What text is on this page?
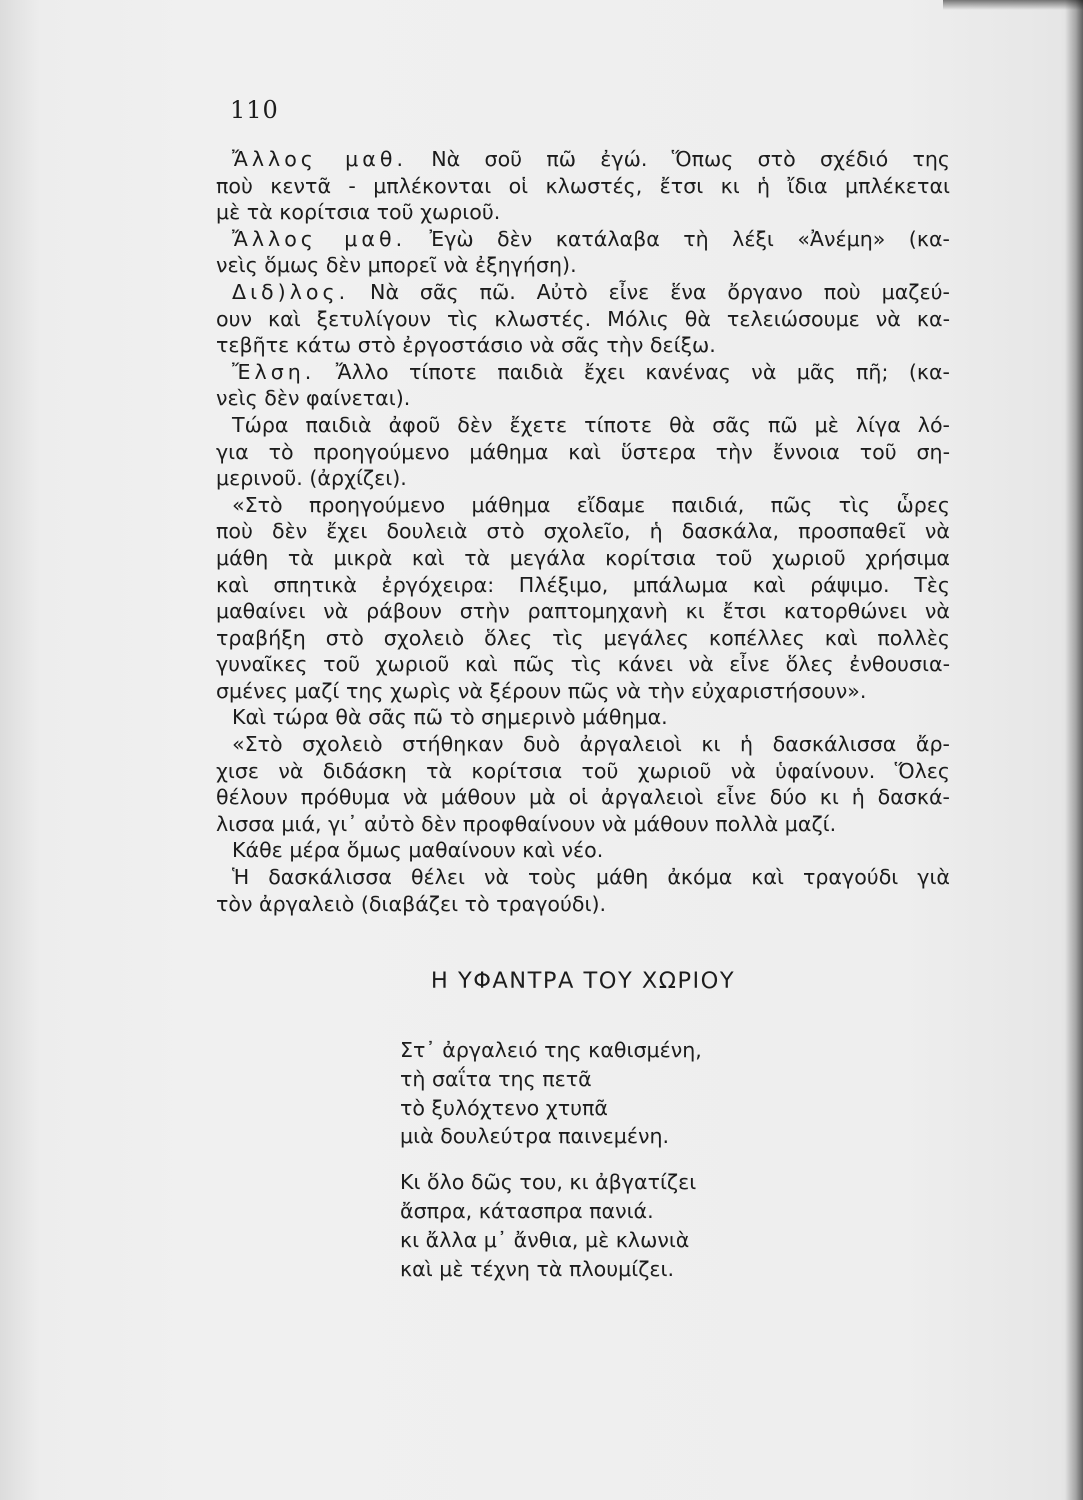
110
Ἄλλος μαθ. Νὰ σοῦ πῶ ἐγώ. Ὅπως στὸ σχέδιό της
ποὺ κεντᾶ - μπλέκονται οἱ κλωστές, ἔτσι κι ἡ ἴδια μπλέκεται
μὲ τὰ κορίτσια τοῦ χωριοῦ.
Ἄλλος μαθ. Ἐγὼ δὲν κατάλαβα τὴ λέξι «Ἀνέμη» (κα-
νεὶς ὅμως δὲν μπορεῖ νὰ ἐξηγήση).
Διδ)λος. Νὰ σᾶς πῶ. Αὐτὸ εἶνε ἕνα ὄργανο ποὺ μαζεύ-
ουν καὶ ξετυλίγουν τὶς κλωστές. Μόλις θὰ τελειώσουμε νὰ κα-
τεβῆτε κάτω στὸ ἐργοστάσιο νὰ σᾶς τὴν δείξω.
Ἔλση. Ἄλλο τίποτε παιδιὰ ἔχει κανένας νὰ μᾶς πῆ; (κα-
νεὶς δὲν φαίνεται).
Τώρα παιδιὰ ἀφοῦ δὲν ἔχετε τίποτε θὰ σᾶς πῶ μὲ λίγα λό-
για τὸ προηγούμενο μάθημα καὶ ὕστερα τὴν ἔννοια τοῦ ση-
μερινοῦ. (ἀρχίζει).
«Στὸ προηγούμενο μάθημα εἴδαμε παιδιά, πῶς τὶς ὧρες
ποὺ δὲν ἔχει δουλειὰ στὸ σχολεῖο, ἡ δασκάλα, προσπαθεῖ νὰ
μάθη τὰ μικρὰ καὶ τὰ μεγάλα κορίτσια τοῦ χωριοῦ χρήσιμα
καὶ σπητικὰ ἐργόχειρα: Πλέξιμο, μπάλωμα καὶ ράψιμο. Τὲς
μαθαίνει νὰ ράβουν στὴν ραπτομηχανὴ κι ἔτσι κατορθώνει νὰ
τραβήξη στὸ σχολειὸ ὅλες τὶς μεγάλες κοπέλλες καὶ πολλὲς
γυναῖκες τοῦ χωριοῦ καὶ πῶς τὶς κάνει νὰ εἶνε ὅλες ἐνθουσια-
σμένες μαζί της χωρὶς νὰ ξέρουν πῶς νὰ τὴν εὐχαριστήσουν».
Καὶ τώρα θὰ σᾶς πῶ τὸ σημερινὸ μάθημα.
«Στὸ σχολειὸ στήθηκαν δυὸ ἀργαλειοὶ κι ἡ δασκάλισσα ἄρ-
χισε νὰ διδάσκη τὰ κορίτσια τοῦ χωριοῦ νὰ ὑφαίνουν. Ὅλες
θέλουν πρόθυμα νὰ μάθουν μὰ οἱ ἀργαλειοὶ εἶνε δύο κι ἡ δασκά-
λισσα μιά, γι᾽ αὐτὸ δὲν προφθαίνουν νὰ μάθουν πολλὰ μαζί.
Κάθε μέρα ὅμως μαθαίνουν καὶ νέο.
Ἡ δασκάλισσα θέλει νὰ τοὺς μάθη ἀκόμα καὶ τραγούδι γιὰ
τὸν ἀργαλειὸ (διαβάζει τὸ τραγούδι).
Η ΥΦΑΝΤΡΑ ΤΟΥ ΧΩΡΙΟΥ
Στ᾽ ἀργαλειό της καθισμένη,
τὴ σαΐτα της πετᾶ
τὸ ξυλόχτενο χτυπᾶ
μιὰ δουλεύτρα παινεμένη.
Κι ὅλο δῶς του, κι ἀβγατίζει
ἄσπρα, κάτασπρα πανιά.
κι ἄλλα μ᾽ ἄνθια, μὲ κλωνιὰ
καὶ μὲ τέχνη τὰ πλουμίζει.
